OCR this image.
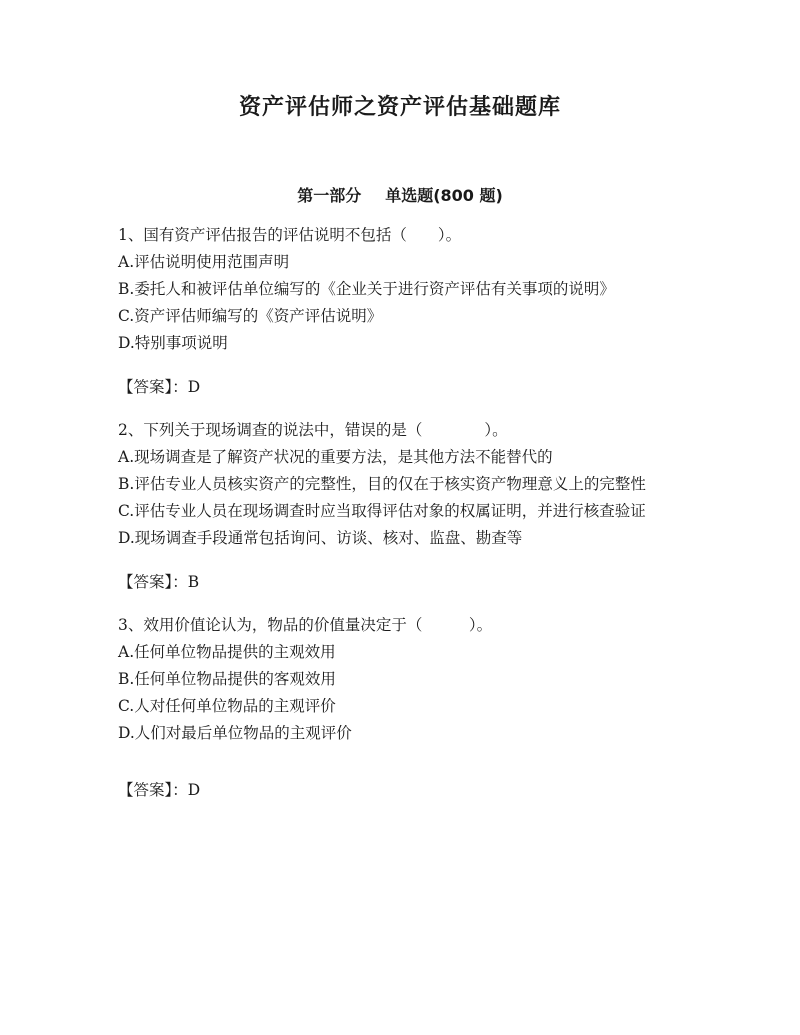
资产评估师之资产评估基础题库
第一部分 单选题(800 题)
1、国有资产评估报告的评估说明不包括（　　）。
A.评估说明使用范围声明
B.委托人和被评估单位编写的《企业关于进行资产评估有关事项的说明》
C.资产评估师编写的《资产评估说明》
D.特别事项说明
【答案】：D
2、下列关于现场调查的说法中，错误的是（　　　　）。
A.现场调查是了解资产状况的重要方法，是其他方法不能替代的
B.评估专业人员核实资产的完整性，目的仅在于核实资产物理意义上的完整性
C.评估专业人员在现场调查时应当取得评估对象的权属证明，并进行核查验证
D.现场调查手段通常包括询问、访谈、核对、监盘、勘查等
【答案】：B
3、效用价值论认为，物品的价值量决定于（　　　）。
A.任何单位物品提供的主观效用
B.任何单位物品提供的客观效用
C.人对任何单位物品的主观评价
D.人们对最后单位物品的主观评价
【答案】：D
